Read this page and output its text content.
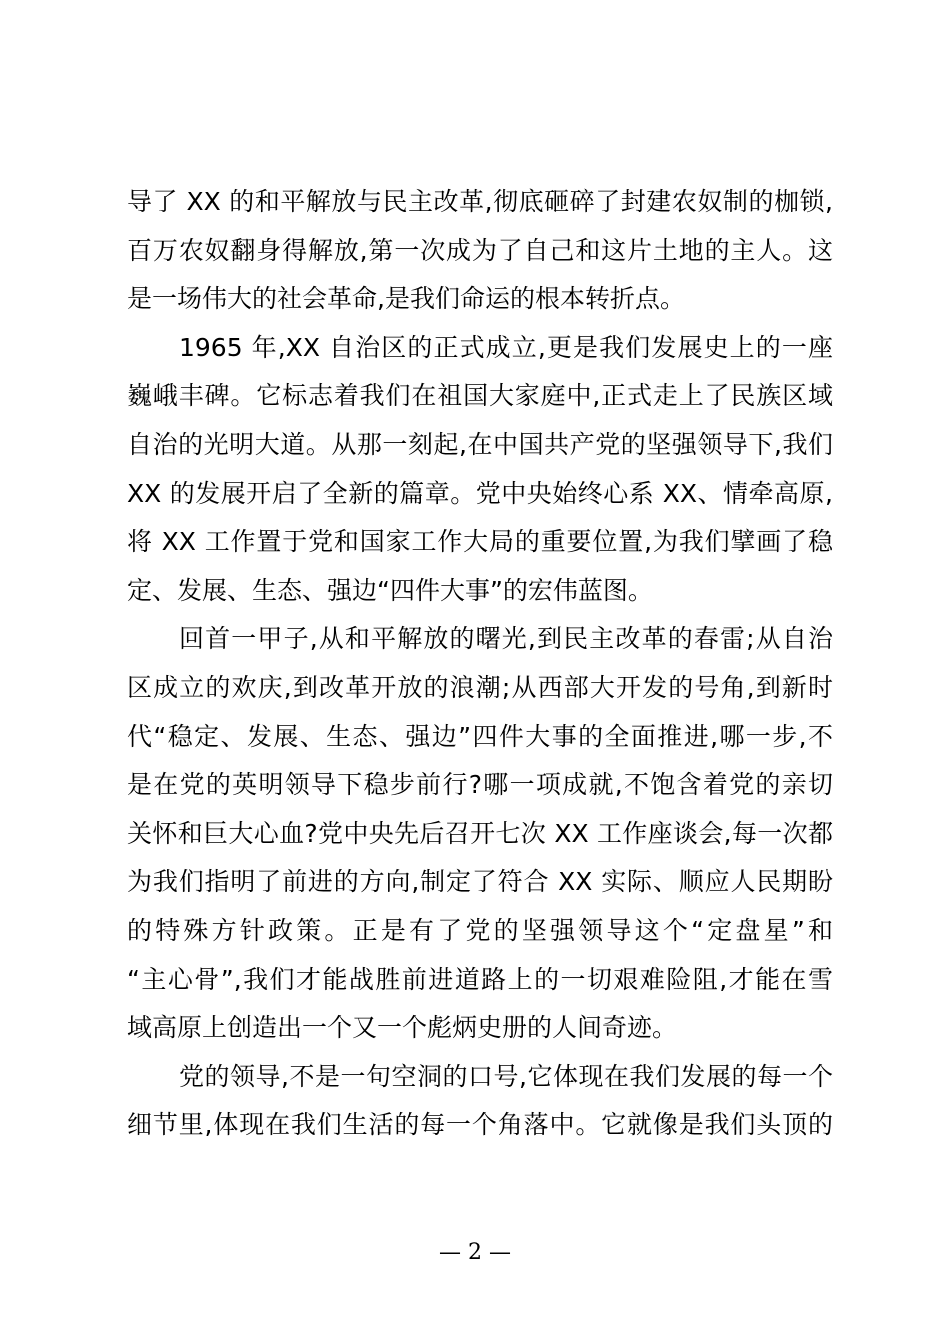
导了 XX 的和平解放与民主改革,彻底砸碎了封建农奴制的枷锁,
百万农奴翻身得解放,第一次成为了自己和这片土地的主人。这
是一场伟大的社会革命,是我们命运的根本转折点。
1965 年,XX 自治区的正式成立,更是我们发展史上的一座
巍峨丰碑。它标志着我们在祖国大家庭中,正式走上了民族区域
自治的光明大道。从那一刻起,在中国共产党的坚强领导下,我们
XX 的发展开启了全新的篇章。党中央始终心系 XX、情牵高原,
将 XX 工作置于党和国家工作大局的重要位置,为我们擘画了稳
定、发展、生态、强边“四件大事”的宏伟蓝图。
回首一甲子,从和平解放的曙光,到民主改革的春雷;从自治
区成立的欢庆,到改革开放的浪潮;从西部大开发的号角,到新时
代“稳定、发展、生态、强边”四件大事的全面推进,哪一步,不
是在党的英明领导下稳步前行?哪一项成就,不饱含着党的亲切
关怀和巨大心血?党中央先后召开七次 XX 工作座谈会,每一次都
为我们指明了前进的方向,制定了符合 XX 实际、顺应人民期盼
的特殊方针政策。正是有了党的坚强领导这个“定盘星”和
“主心骨”,我们才能战胜前进道路上的一切艰难险阻,才能在雪
域高原上创造出一个又一个彪炳史册的人间奇迹。
党的领导,不是一句空洞的口号,它体现在我们发展的每一个
细节里,体现在我们生活的每一个角落中。它就像是我们头顶的
— 2 —
